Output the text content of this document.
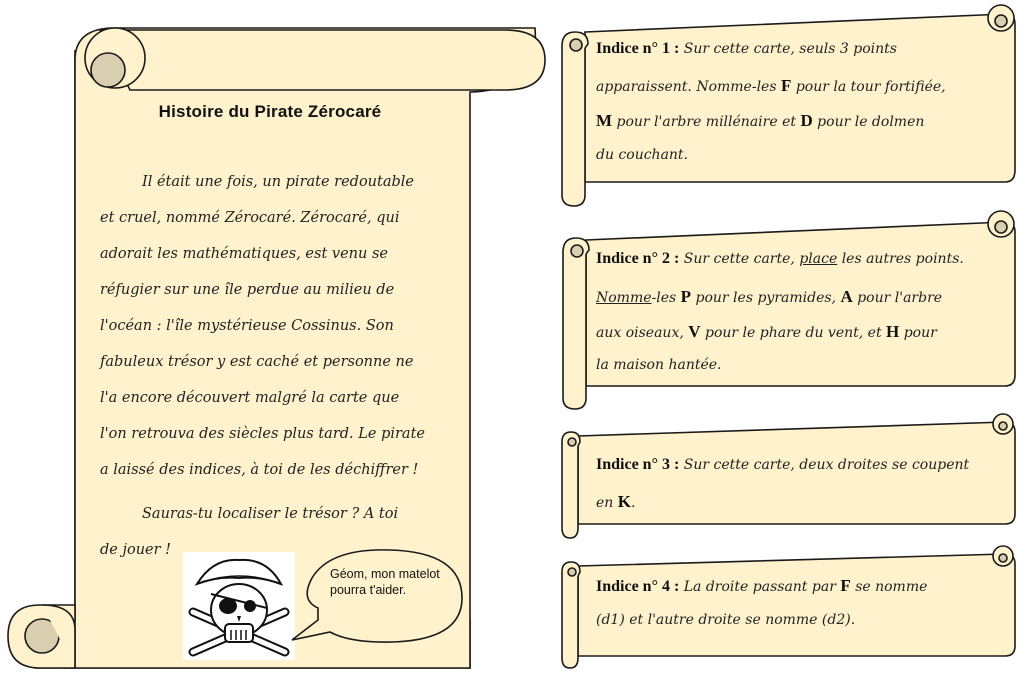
Histoire du Pirate Zérocaré
Il était une fois, un pirate redoutable
et cruel, nommé Zérocaré. Zérocaré, qui
adorait les mathématiques, est venu se
réfugier sur une île perdue au milieu de
l'océan : l'île mystérieuse Cossinus. Son
fabuleux trésor y est caché et personne ne
l'a encore découvert malgré la carte que
l'on retrouva des siècles plus tard. Le pirate
a laissé des indices, à toi de les déchiffrer !
Sauras-tu localiser le trésor ? A toi
de jouer !
Géom, mon matelot pourra t'aider.
Indice n° 1 : Sur cette carte, seuls 3 points
apparaissent. Nomme-les F pour la tour fortifiée,
M pour l'arbre millénaire et D pour le dolmen
du couchant.
Indice n° 2 : Sur cette carte, place les autres points.
Nomme-les P pour les pyramides, A pour l'arbre
aux oiseaux, V pour le phare du vent, et H pour
la maison hantée.
Indice n° 3 : Sur cette carte, deux droites se coupent
en K.
Indice n° 4 : La droite passant par F se nomme
(d1) et l'autre droite se nomme (d2).
